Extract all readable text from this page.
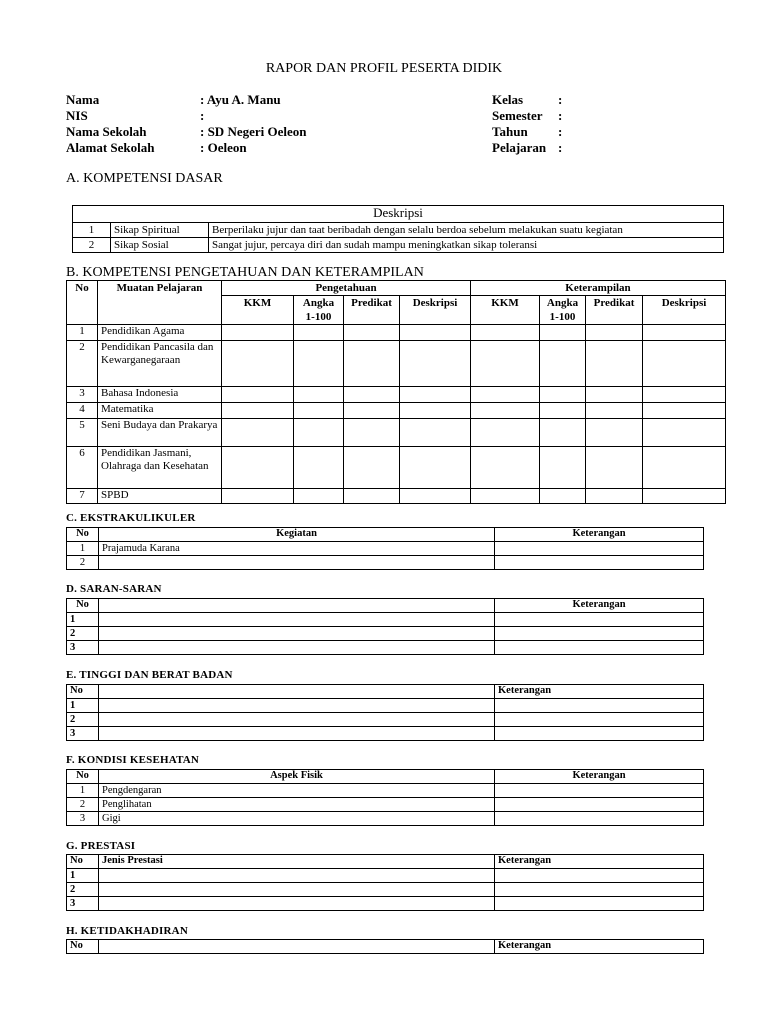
RAPOR DAN PROFIL PESERTA DIDIK
Nama	: Ayu A. Manu
NIS	:
Nama Sekolah	: SD Negeri Oeleon
Alamat Sekolah	: Oeleon
Kelas	:
Semester :
Tahun :
Pelajaran :
A. KOMPETENSI DASAR
Deskripsi		
1	Sikap Spiritual	Berperilaku jujur dan taat beribadah dengan selalu berdoa sebelum melakukan suatu kegiatan
2	Sikap Sosial	Sangat jujur, percaya diri dan sudah mampu meningkatkan sikap toleransi
B. KOMPETENSI PENGETAHUAN DAN KETERAMPILAN
No	Muatan Pelajaran	Pengetahuan				Keterampilan			
		KKM	Angka 1-100	Predikat	Deskripsi	KKM	Angka 1-100	Predikat	Deskripsi

1	Pendidikan Agama								
2	Pendidikan Pancasila dan Kewarganegaraan								
3	Bahasa Indonesia								
4	Matematika								
5	Seni Budaya dan Prakarya								
6	Pendidikan Jasmani, Olahraga dan Kesehatan								
7	SPBD								
C. EKSTRAKULIKULER
No	Kegiatan	Keterangan
1	Prajamuda Karana	
2		
D. SARAN-SARAN
No		Keterangan
1		
2		
3		
E. TINGGI DAN BERAT BADAN
No		Keterangan
1		
2		
3		
F. KONDISI KESEHATAN
No	Aspek Fisik	Keterangan
1	Pengdengaran	
2	Penglihatan	
3	Gigi	
G. PRESTASI
No	Jenis Prestasi	Keterangan
1		
2		
3		
H. KETIDAKHADIRAN
No		Keterangan
